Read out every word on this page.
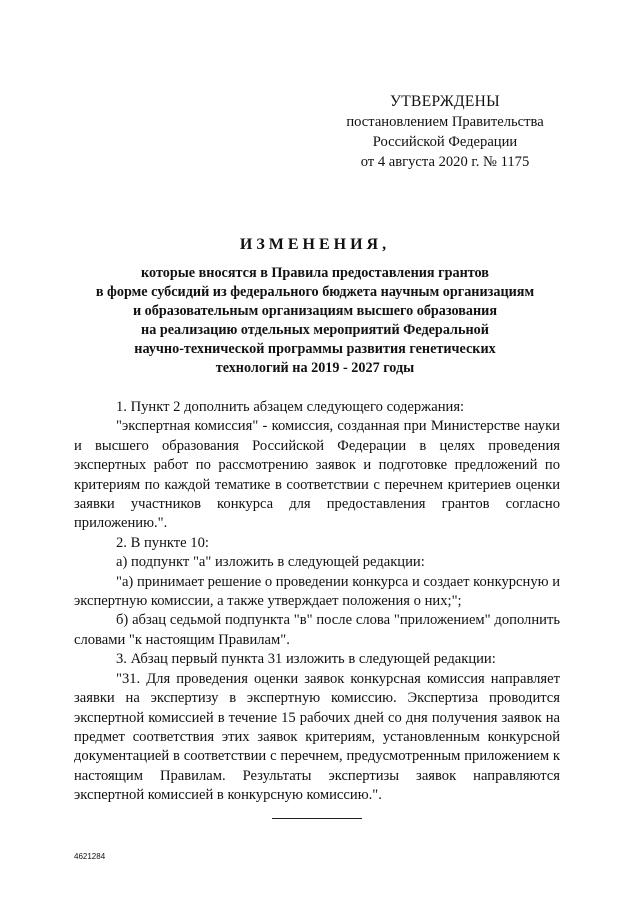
УТВЕРЖДЕНЫ
постановлением Правительства
Российской Федерации
от 4 августа 2020 г. № 1175
ИЗМЕНЕНИЯ,
которые вносятся в Правила предоставления грантов
в форме субсидий из федерального бюджета научным организациям
и образовательным организациям высшего образования
на реализацию отдельных мероприятий Федеральной
научно-технической программы развития генетических
технологий на 2019 - 2027 годы

1. Пункт 2 дополнить абзацем следующего содержания:

"экспертная комиссия" - комиссия, созданная при Министерстве науки и высшего образования Российской Федерации в целях проведения экспертных работ по рассмотрению заявок и подготовке предложений по критериям по каждой тематике в соответствии с перечнем критериев оценки заявки участников конкурса для предоставления грантов согласно приложению.".

2. В пункте 10:

а) подпункт "а" изложить в следующей редакции:

"а) принимает решение о проведении конкурса и создает конкурсную и экспертную комиссии, а также утверждает положения о них;";

б) абзац седьмой подпункта "в" после слова "приложением" дополнить словами "к настоящим Правилам".

3. Абзац первый пункта 31 изложить в следующей редакции:

"31. Для проведения оценки заявок конкурсная комиссия направляет заявки на экспертизу в экспертную комиссию. Экспертиза проводится экспертной комиссией в течение 15 рабочих дней со дня получения заявок на предмет соответствия этих заявок критериям, установленным конкурсной документацией в соответствии с перечнем, предусмотренным приложением к настоящим Правилам. Результаты экспертизы заявок направляются экспертной комиссией в конкурсную комиссию.".

4621284
